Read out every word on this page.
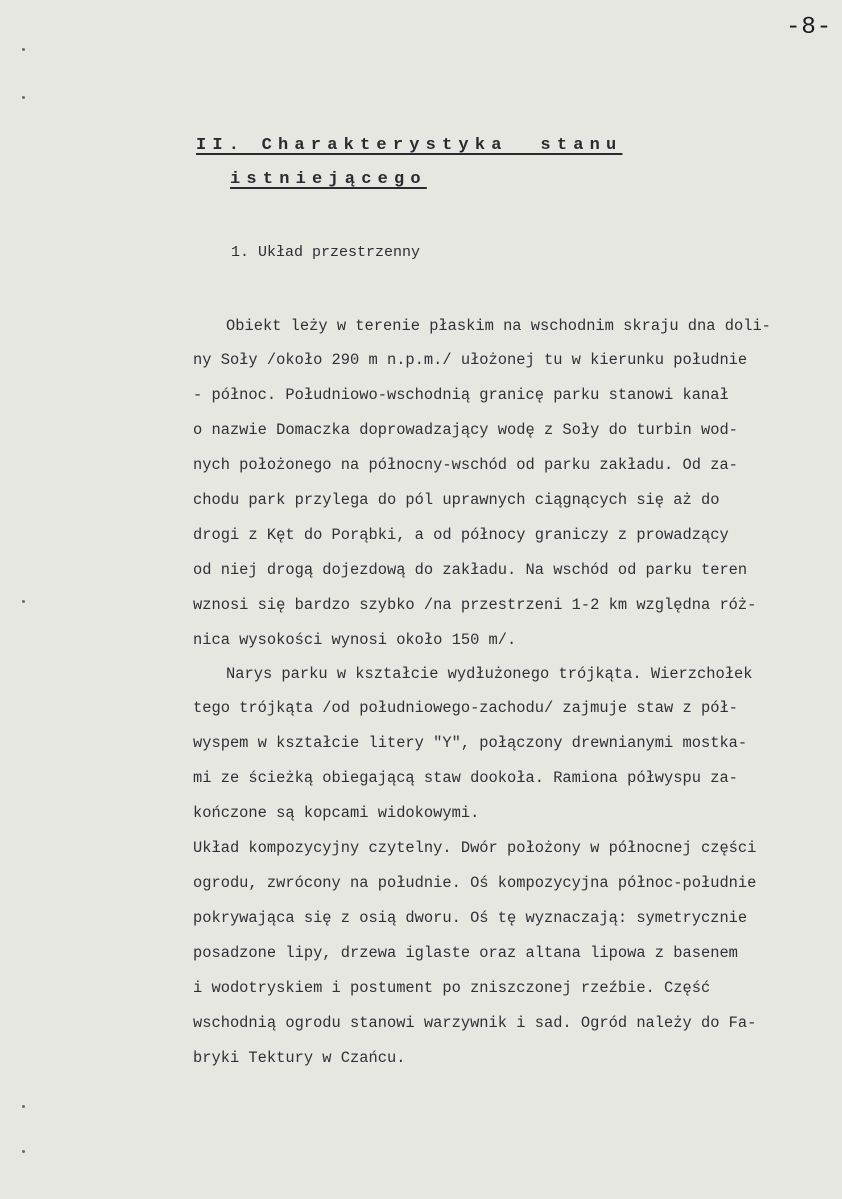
-8-
II. Charakterystyka  stanu
istniejącego
1. Układ przestrzenny
Obiekt leży w terenie płaskim na wschodnim skraju dna doli-
ny Soły /około 290 m n.p.m./ ułożonej tu w kierunku południe
- północ. Południowo-wschodnią granicę parku stanowi kanał
o nazwie Domaczka doprowadzający wodę z Soły do turbin wod-
nych położonego na północny-wschód od parku zakładu. Od za-
chodu park przylega do pól uprawnych ciągnących się aż do
drogi z Kęt do Porąbki, a od północy graniczy z prowadzący
od niej drogą dojezdową do zakładu. Na wschód od parku teren
wznosi się bardzo szybko /na przestrzeni 1-2 km względna róż-
nica wysokości wynosi około 150 m/.
Narys parku w kształcie wydłużonego trójkąta. Wierzchołek
tego trójkąta /od południowego-zachodu/ zajmuje staw z pół-
wyspem w kształcie litery "Y", połączony drewnianymi mostka-
mi ze ścieżką obiegającą staw dookoła. Ramiona półwyspu za-
kończone są kopcami widokowymi.
Układ kompozycyjny czytelny. Dwór położony w północnej części
ogrodu, zwrócony na południe. Oś kompozycyjna północ-południe
pokrywająca się z osią dworu. Oś tę wyznaczają: symetrycznie
posadzone lipy, drzewa iglaste oraz altana lipowa z basenem
i wodotryskiem i postument po zniszczonej rzeźbie. Część
wschodnią ogrodu stanowi warzywnik i sad. Ogród należy do Fa-
bryki Tektury w Czańcu.
